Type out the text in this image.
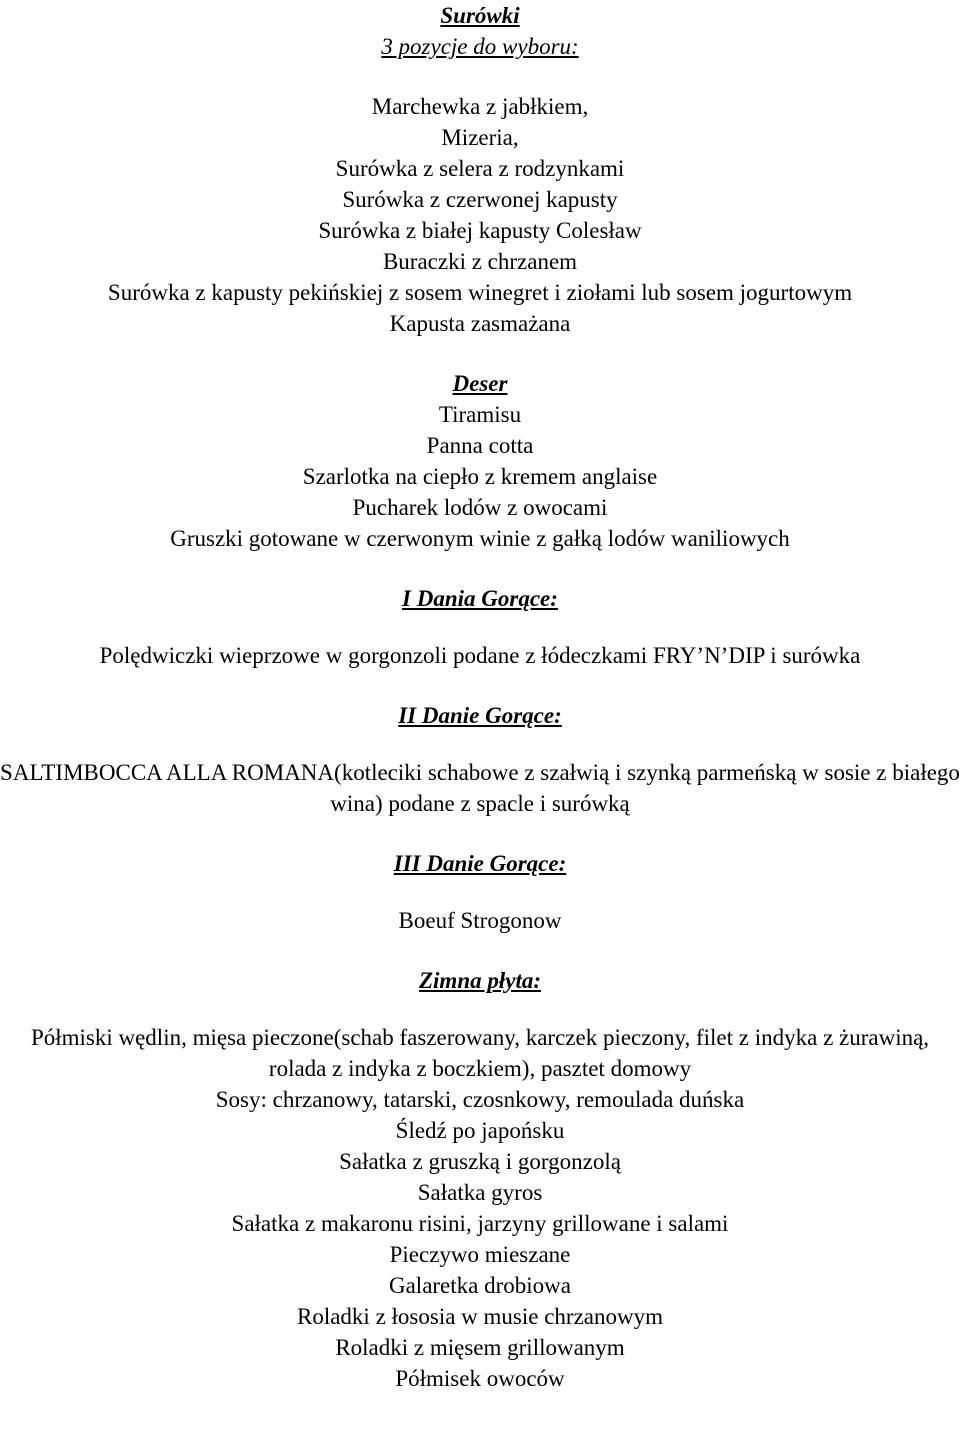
Surówki
3 pozycje do wyboru:
Marchewka z jabłkiem,
Mizeria,
Surówka z selera z rodzynkami
Surówka z czerwonej kapusty
Surówka z białej kapusty Colesław
Buraczki z chrzanem
Surówka z kapusty pekińskiej z sosem winegret i ziołami lub sosem jogurtowym
Kapusta zasmażana
Deser
Tiramisu
Panna cotta
Szarlotka na ciepło z kremem anglaise
Pucharek lodów z owocami
Gruszki gotowane w czerwonym winie z gałką lodów waniliowych
I Dania Gorące:
Polędwiczki wieprzowe w gorgonzoli podane z łódeczkami FRY’N’DIP i surówka
II Danie Gorące:
SALTIMBOCCA ALLA ROMANA(kotleciki schabowe z szałwią i szynką parmeńską w sosie z białego wina) podane z spacle i surówką
III Danie Gorące:
Boeuf Strogonow
Zimna płyta:
Półmiski wędlin, mięsa pieczone(schab faszerowany, karczek pieczony, filet z indyka z żurawiną,
rolada z indyka z boczkiem), pasztet domowy
Sosy: chrzanowy, tatarski, czosnkowy, remoulada duńska
Śledź po japońsku
Sałatka z gruszką i gorgonzolą
Sałatka gyros
Sałatka z makaronu risini, jarzyny grillowane i salami
Pieczywo mieszane
Galaretka drobiowa
Roladki z łososia w musie chrzanowym
Roladki z mięsem grillowanym
Półmisek owoców
